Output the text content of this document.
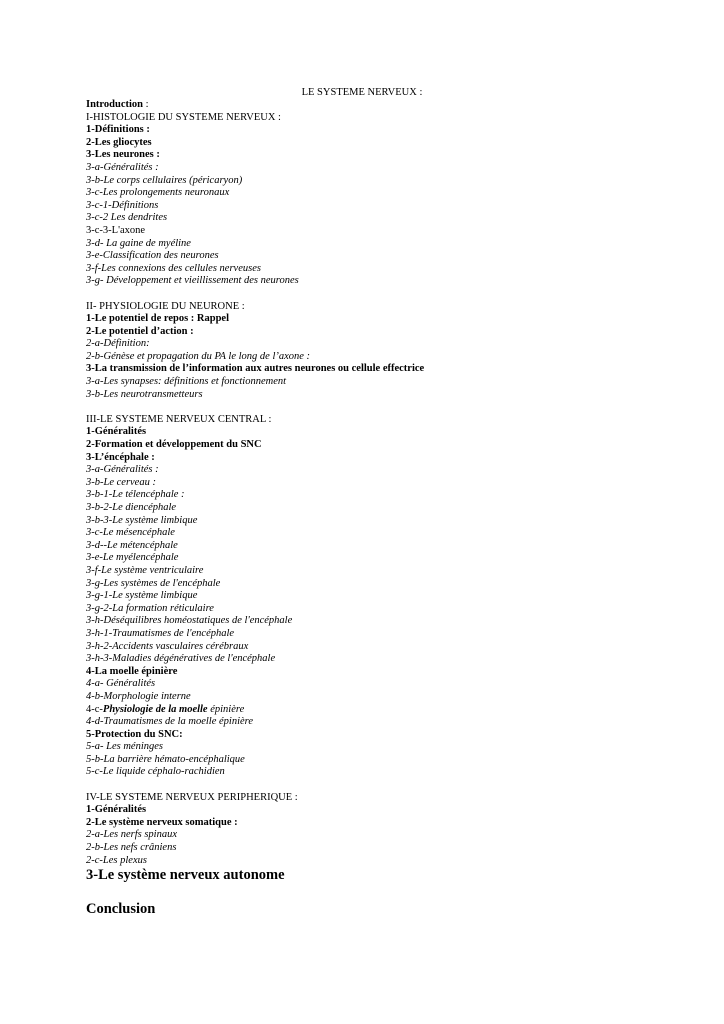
LE SYSTEME NERVEUX :
Introduction :
I-HISTOLOGIE DU SYSTEME NERVEUX :
1-Définitions :
2-Les gliocytes
3-Les neurones :
3-a-Généralités :
3-b-Le corps cellulaires (péricaryon)
3-c-Les prolongements neuronaux
3-c-1-Définitions
3-c-2 Les dendrites
3-c-3-L'axone
3-d- La gaine de myéline
3-e-Classification des neurones
3-f-Les connexions des cellules nerveuses
3-g- Développement et vieillissement des neurones
II- PHYSIOLOGIE DU NEURONE :
1-Le potentiel de repos : Rappel
2-Le potentiel d’action :
2-a-Définition:
2-b-Génèse et propagation du PA le long de l’axone :
3-La transmission de l’information aux autres neurones ou cellule effectrice
3-a-Les synapses: définitions et fonctionnement
3-b-Les neurotransmetteurs
III-LE SYSTEME NERVEUX CENTRAL :
1-Généralités
2-Formation et développement du SNC
3-L’éncéphale :
3-a-Généralités :
3-b-Le cerveau :
3-b-1-Le télencéphale :
3-b-2-Le diencéphale
3-b-3-Le système limbique
3-c-Le mésencéphale
3-d--Le métencéphale
3-e-Le myélencéphale
3-f-Le système ventriculaire
3-g-Les systèmes de l'encéphale
3-g-1-Le système limbique
3-g-2-La formation réticulaire
3-h-Déséquilibres homéostatiques de l'encéphale
3-h-1-Traumatismes de l'encéphale
3-h-2-Accidents vasculaires cérébraux
3-h-3-Maladies dégénératives de l'encéphale
4-La moelle épinière
4-a- Généralités
4-b-Morphologie interne
4-c-Physiologie de la moelle épinière
4-d-Traumatismes de la moelle épinière
5-Protection du SNC:
5-a- Les méninges
5-b-La barrière hémato-encéphalique
5-c-Le liquide céphalo-rachidien
IV-LE SYSTEME NERVEUX PERIPHERIQUE :
1-Généralités
2-Le système nerveux somatique :
2-a-Les nerfs spinaux
2-b-Les nefs crâniens
2-c-Les plexus
3-Le système nerveux autonome
Conclusion
